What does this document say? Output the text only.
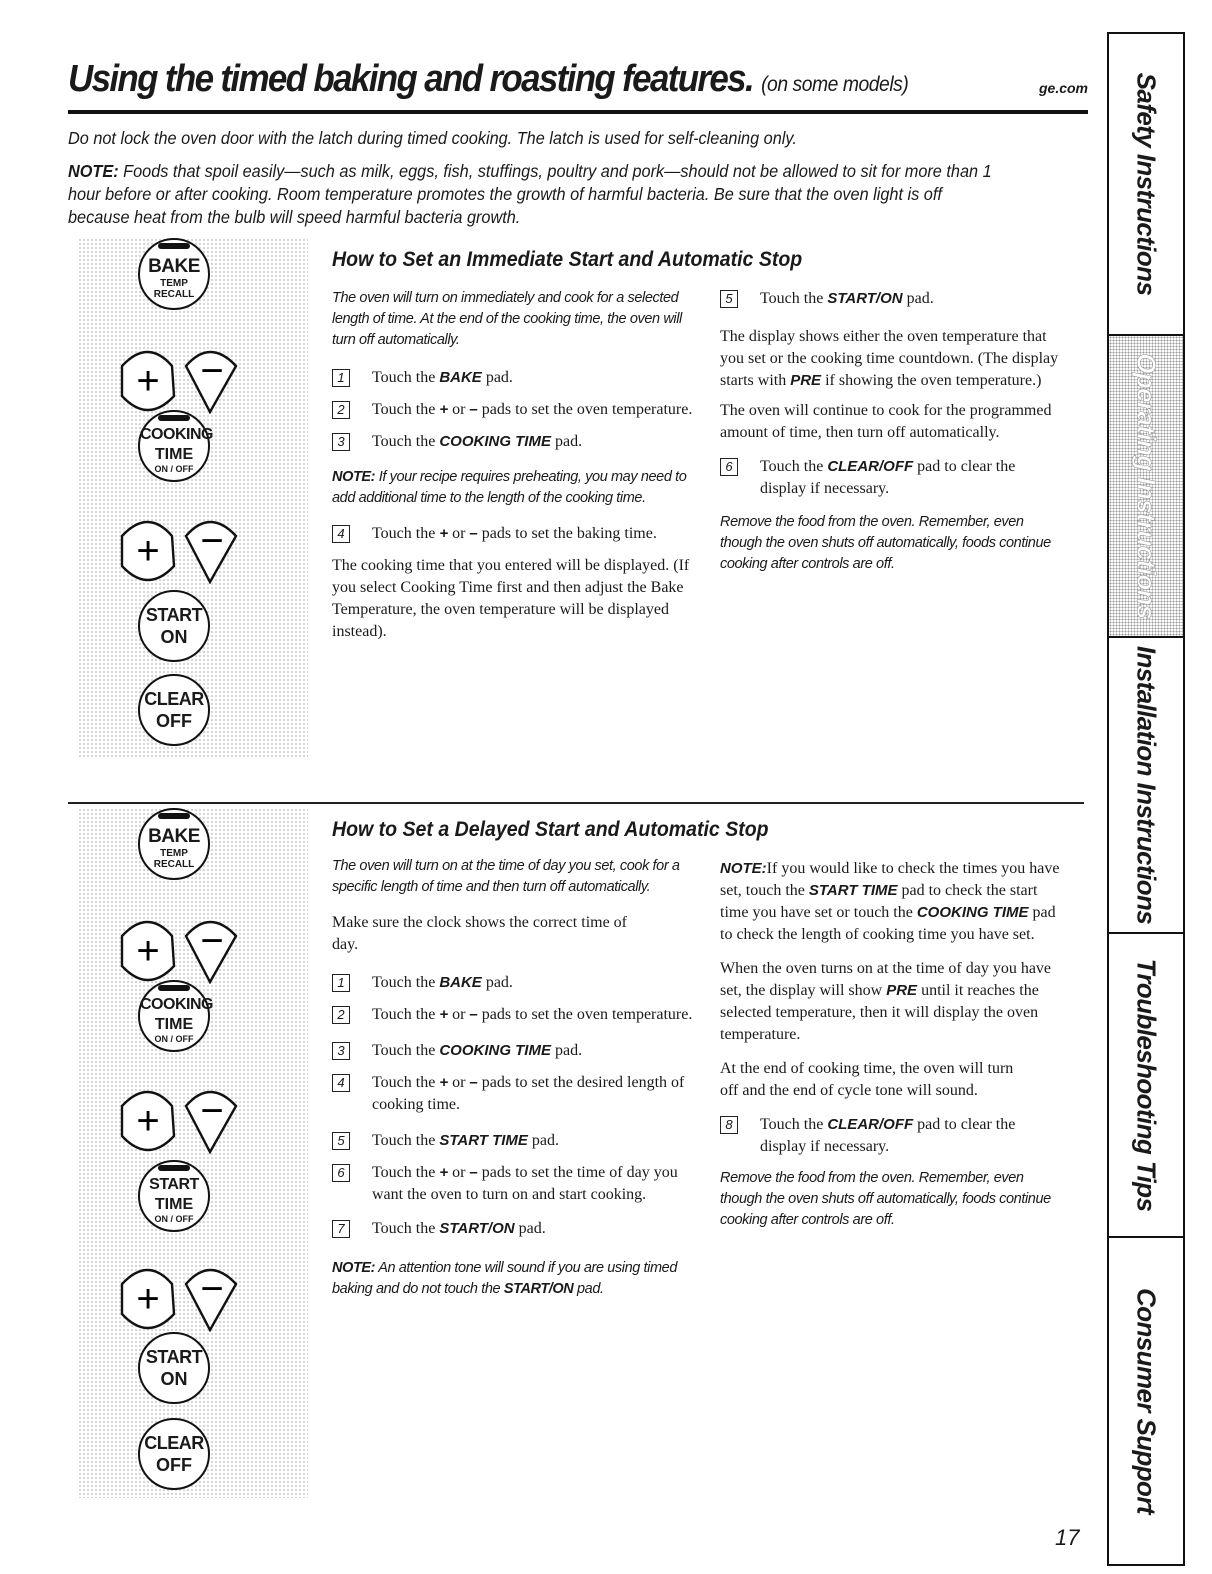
Using the timed baking and roasting features. (on some models)	ge.com
Do not lock the oven door with the latch during timed cooking. The latch is used for self-cleaning only.
NOTE: Foods that spoil easily—such as milk, eggs, fish, stuffings, poultry and pork—should not be allowed to sit for more than 1 hour before or after cooking. Room temperature promotes the growth of harmful bacteria. Be sure that the oven light is off because heat from the bulb will speed harmful bacteria growth.
How to Set an Immediate Start and Automatic Stop
BAKE
TEMP
RECALL
+ −
COOKING
TIME
ON / OFF
+ −
START
ON
CLEAR
OFF

The oven will turn on immediately and cook for a selected length of time. At the end of the cooking time, the oven will turn off automatically.

1	Touch the BAKE pad.
2	Touch the + or – pads to set the oven temperature.
3	Touch the COOKING TIME pad.

NOTE: If your recipe requires preheating, you may need to add additional time to the length of the cooking time.

4	Touch the + or – pads to set the baking time.

The cooking time that you entered will be displayed. (If you select Cooking Time first and then adjust the Bake Temperature, the oven temperature will be displayed instead).

5	Touch the START/ON pad.

The display shows either the oven temperature that you set or the cooking time countdown. (The display starts with PRE if showing the oven temperature.)

The oven will continue to cook for the programmed amount of time, then turn off automatically.

6	Touch the CLEAR/OFF pad to clear the display if necessary.

Remove the food from the oven. Remember, even though the oven shuts off automatically, foods continue cooking after controls are off.

How to Set a Delayed Start and Automatic Stop
BAKE
TEMP
RECALL
+ −
COOKING
TIME
ON / OFF
+ −
START
TIME
ON / OFF
+ −
START
ON
CLEAR
OFF

The oven will turn on at the time of day you set, cook for a specific length of time and then turn off automatically.

Make sure the clock shows the correct time of day.

1	Touch the BAKE pad.
2	Touch the + or – pads to set the oven temperature.
3	Touch the COOKING TIME pad.
4	Touch the + or – pads to set the desired length of cooking time.
5	Touch the START TIME pad.
6	Touch the + or – pads to set the time of day you want the oven to turn on and start cooking.
7	Touch the START/ON pad.

NOTE: An attention tone will sound if you are using timed baking and do not touch the START/ON pad.

NOTE:If you would like to check the times you have set, touch the START TIME pad to check the start time you have set or touch the COOKING TIME pad to check the length of cooking time you have set.

When the oven turns on at the time of day you have set, the display will show PRE until it reaches the selected temperature, then it will display the oven temperature.

At the end of cooking time, the oven will turn off and the end of cycle tone will sound.

8	Touch the CLEAR/OFF pad to clear the display if necessary.

Remove the food from the oven. Remember, even though the oven shuts off automatically, foods continue cooking after controls are off.

Safety Instructions
Operating Instructions
Installation Instructions
Troubleshooting Tips
Consumer Support
17
